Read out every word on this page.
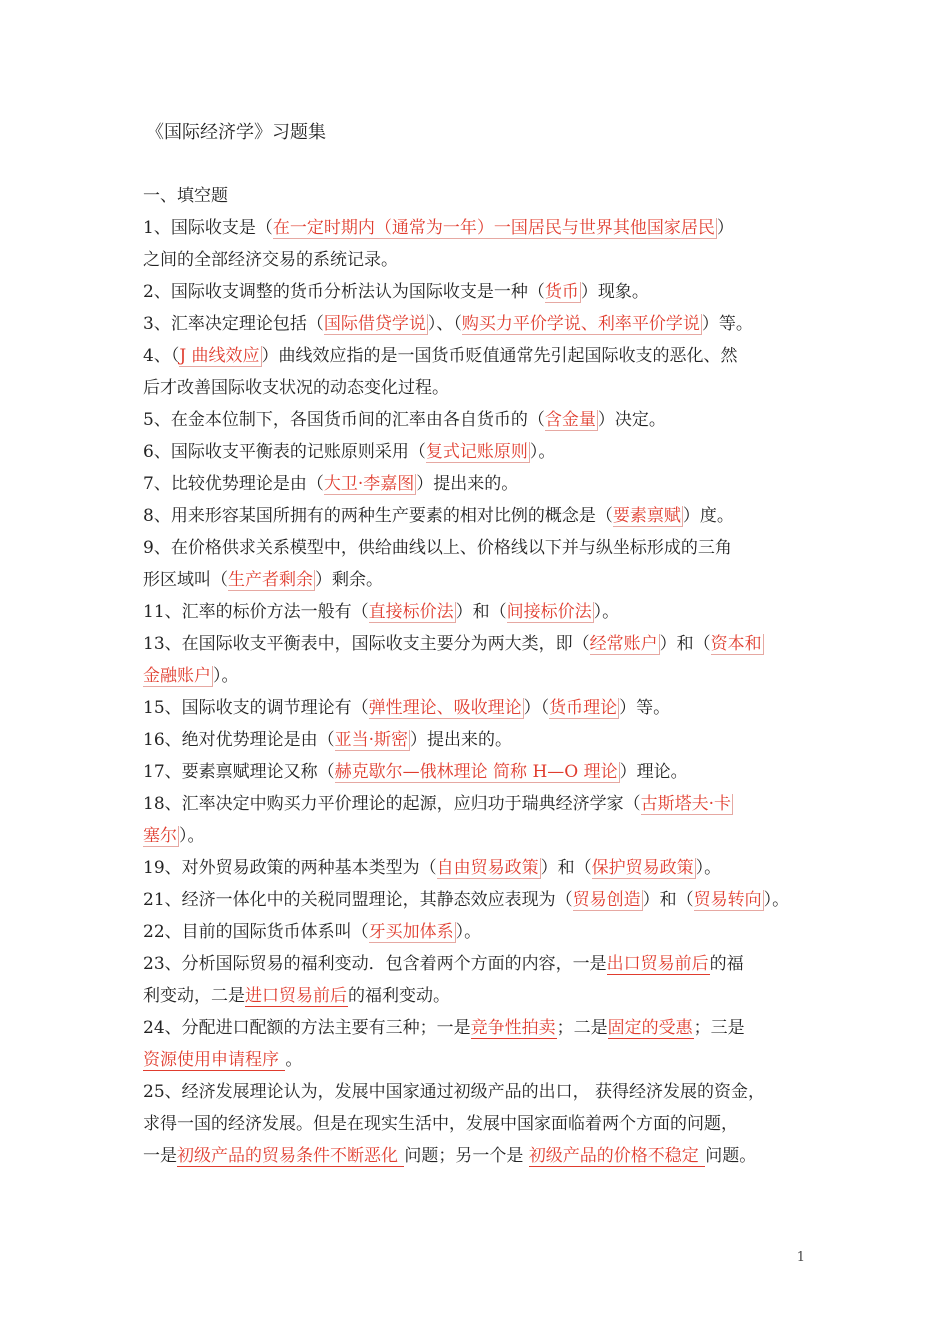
《国际经济学》习题集
一、填空题
1、国际收支是（在一定时期内（通常为一年）一国居民与世界其他国家居民 ）
之间的全部经济交易的系统记录。
2、国际收支调整的货币分析法认为国际收支是一种（货币 ）现象。
3、汇率决定理论包括（国际借贷学说 ）、（购买力平价学说、利率平价学说 ）等。
4、（J 曲线效应 ）曲线效应指的是一国货币贬值通常先引起国际收支的恶化、然
后才改善国际收支状况的动态变化过程。
5、在金本位制下，各国货币间的汇率由各自货币的（含金量 ）决定。
6、国际收支平衡表的记账原则采用（复式记账原则 ）。
7、比较优势理论是由（大卫·李嘉图 ）提出来的。
8、用来形容某国所拥有的两种生产要素的相对比例的概念是（要素禀赋 ）度。
9、在价格供求关系模型中，供给曲线以上、价格线以下并与纵坐标形成的三角
形区域叫（生产者剩余 ）剩余。
11、汇率的标价方法一般有（直接标价法 ）和（间接标价法 ）。
13、在国际收支平衡表中，国际收支主要分为两大类，即（经常账户 ）和（资本和
金融账户 ）。
15、国际收支的调节理论有（弹性理论、吸收理论 ）（货币理论 ）等。
16、绝对优势理论是由（亚当·斯密 ）提出来的。
17、要素禀赋理论又称（赫克歇尔—俄林理论 简称 H—O 理论 ）理论。
18、汇率决定中购买力平价理论的起源，应归功于瑞典经济学家（古斯塔夫·卡
塞尔 ）。
19、对外贸易政策的两种基本类型为（自由贸易政策 ）和（保护贸易政策 ）。
21、经济一体化中的关税同盟理论，其静态效应表现为（贸易创造 ）和（贸易转向 ）。
22、目前的国际货币体系叫（牙买加体系 ）。
23、分析国际贸易的福利变动．包含着两个方面的内容，一是出口贸易前后的福
利变动，二是进口贸易前后的福利变动。
24、分配进口配额的方法主要有三种；一是竞争性拍卖；二是固定的受惠；三是
资源使用申请程序 。
25、经济发展理论认为，发展中国家通过初级产品的出口， 获得经济发展的资金，
求得一国的经济发展。但是在现实生活中，发展中国家面临着两个方面的问题，
一是初级产品的贸易条件不断恶化 问题；另一个是 初级产品的价格不稳定 问题。
1
